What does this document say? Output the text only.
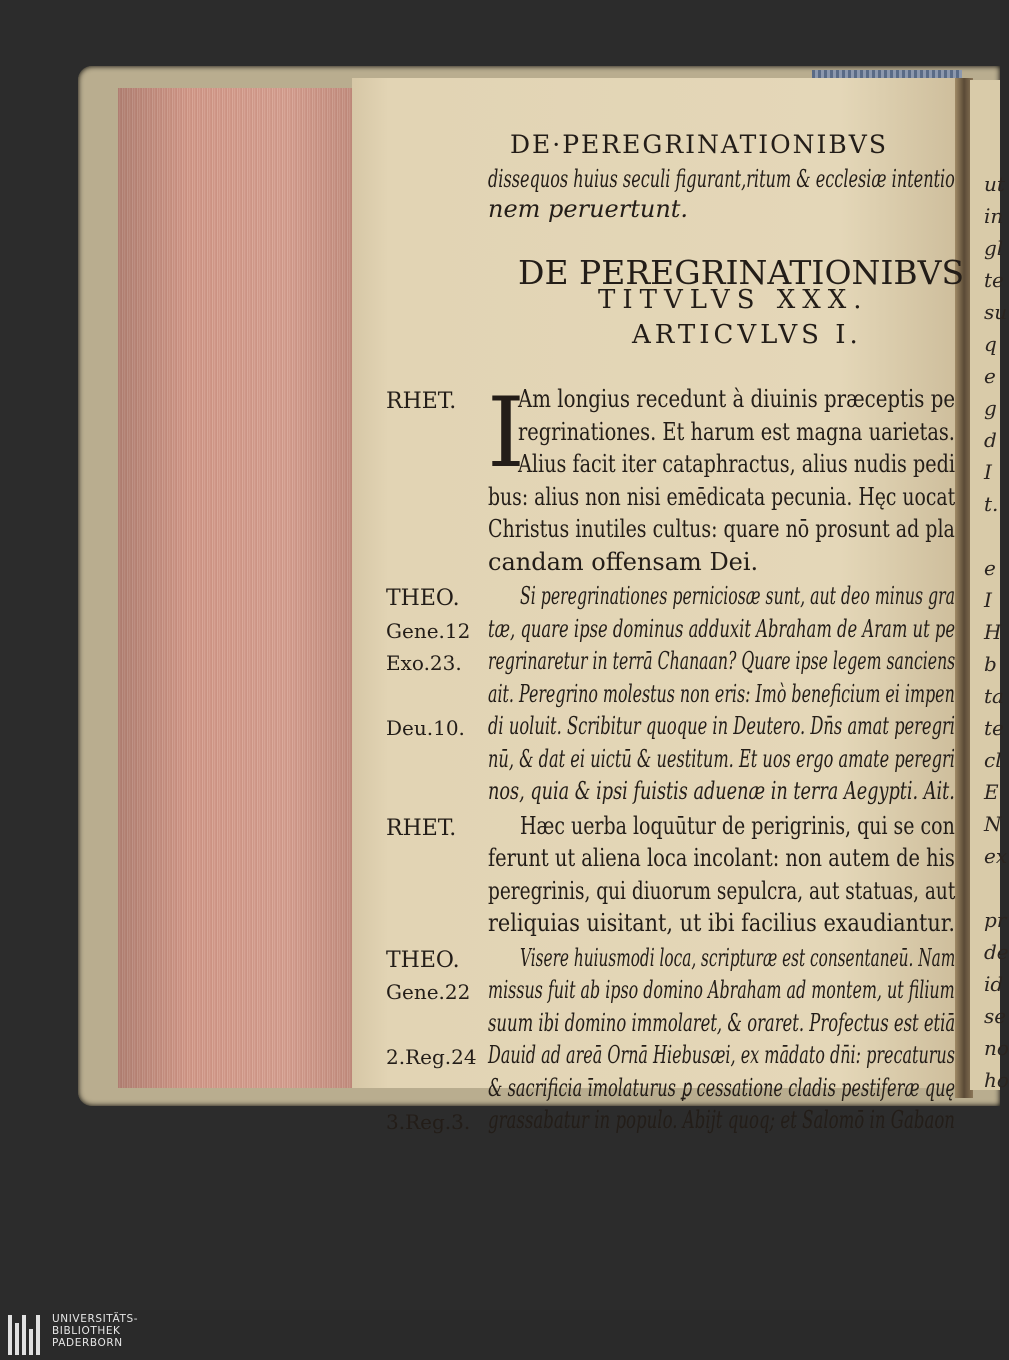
ut
in
gl
te
su
q
e
g
d
I
t.
e
I
H
b
ta
te
cl
E
N
ex
pr
de
id
se
no
ho
DE·PEREGRINATIONIBVS
dissequos huius seculi figurant,ritum & ecclesiæ intentio
nem peruertunt.
DE PEREGRINATIONIBVS
TITVLVS XXX.
ARTICVLVS I.
I
RHET.	Am longius recedunt à diuinis præceptis pe
regrinationes. Et harum est magna uarietas.
Alius facit iter cataphractus, alius nudis pedi
bus: alius non nisi emēdicata pecunia. Hęc uocat
Christus inutiles cultus: quare nō prosunt ad pla
candam offensam Dei.
THEO.
Gene.12
Exo.23.
Deu.10.
Si peregrinationes perniciosæ sunt, aut deo minus gra
tæ, quare ipse dominus adduxit Abraham de Aram ut pe
regrinaretur in terrā Chanaan? Quare ipse legem sanciens
ait. Peregrino molestus non eris: Imò beneficium ei impen
di uoluit. Scribitur quoque in Deutero. Dn̄s amat peregri
nū, & dat ei uictū & uestitum. Et uos ergo amate peregri
nos, quia & ipsi fuistis aduenæ in terra Aegypti. Ait.
RHET.	Hæc uerba loquūtur de perigrinis, qui se con
ferunt ut aliena loca incolant: non autem de his
peregrinis, qui diuorum sepulcra, aut statuas, aut
reliquias uisitant, ut ibi facilius exaudiantur.
THEO.
Gene.22
2.Reg.24
3.Reg.3.
Visere huiusmodi loca, scripturæ est consentaneū. Nam
missus fuit ab ipso domino Abraham ad montem, ut filium
suum ibi domino immolaret, & oraret. Profectus est etiā
Dauid ad areā Ornā Hiebusæi, ex mādato dn̄i: precaturus
& sacrificia īmolaturus ꝑ cessatione cladis pestiferæ quę
grassabatur in populo. Abijt quoq; et Salomō in Gabaon
UNIVERSITÄTS-
BIBLIOTHEK
PADERBORN
